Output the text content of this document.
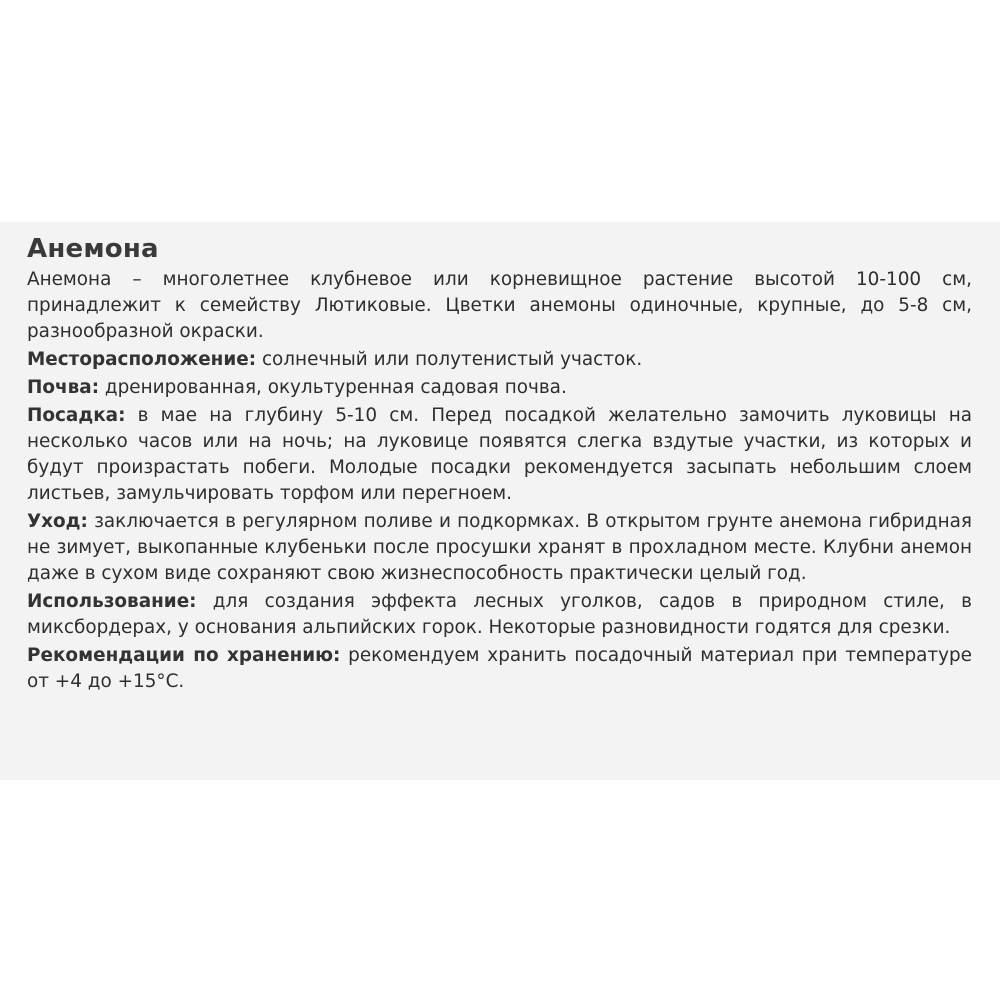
Анемона

Анемона – многолетнее клубневое или корневищное растение высотой 10-100 см, принадлежит к семейству Лютиковые. Цветки анемоны одиночные, крупные, до 5-8 см, разнообразной окраски.

Месторасположение: солнечный или полутенистый участок.

Почва: дренированная, окультуренная садовая почва.

Посадка: в мае на глубину 5-10 см. Перед посадкой желательно замочить луковицы на несколько часов или на ночь; на луковице появятся слегка вздутые участки, из которых и будут произрастать побеги. Молодые посадки рекомендуется засыпать небольшим слоем листьев, замульчировать торфом или перегноем.

Уход: заключается в регулярном поливе и подкормках. В открытом грунте анемона гибридная не зимует, выкопанные клубеньки после просушки хранят в прохладном месте. Клубни анемон даже в сухом виде сохраняют свою жизнеспособность практически целый год.

Использование: для создания эффекта лесных уголков, садов в природном стиле, в миксбордерах, у основания альпийских горок. Некоторые разновидности годятся для срезки.

Рекомендации по хранению: рекомендуем хранить посадочный материал при температуре от +4 до +15°C.
